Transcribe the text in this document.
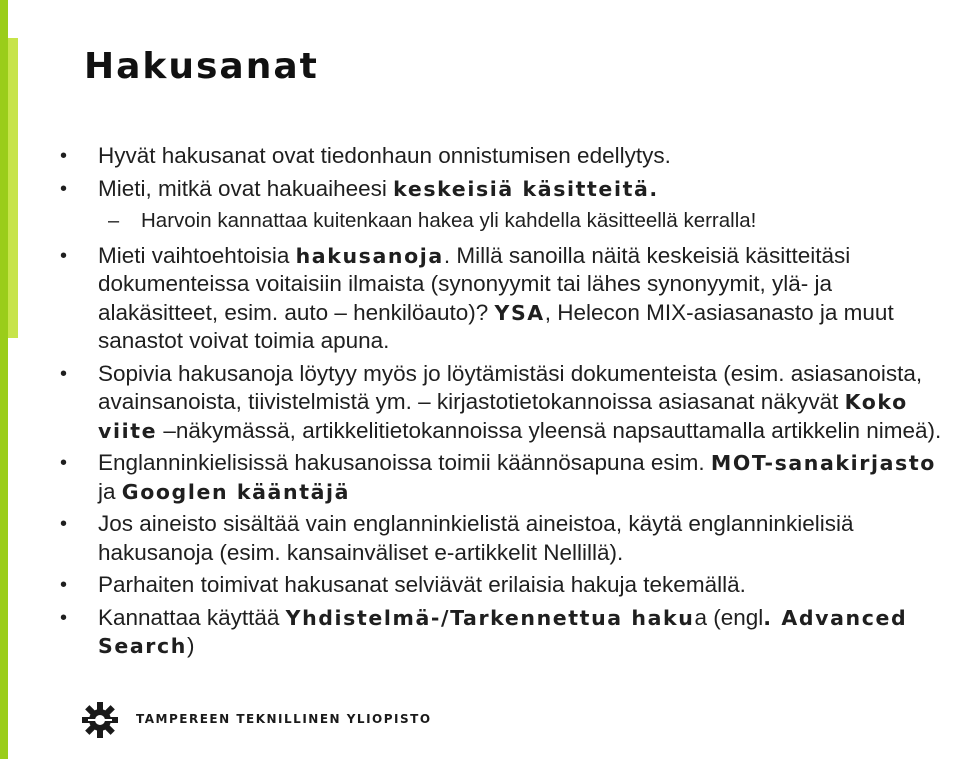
Hakusanat
• Hyvät hakusanat ovat tiedonhaun onnistumisen edellytys.
• Mieti, mitkä ovat hakuaiheesi keskeisiä käsitteitä.
– Harvoin kannattaa kuitenkaan hakea yli kahdella käsitteellä kerralla!
• Mieti vaihtoehtoisia hakusanoja. Millä sanoilla näitä keskeisiä käsitteitäsi dokumenteissa voitaisiin ilmaista (synonyymit tai lähes synonyymit, ylä- ja alakäsitteet, esim. auto – henkilöauto)? YSA, Helecon MIX-asiasanasto ja muut sanastot voivat toimia apuna.
• Sopivia hakusanoja löytyy myös jo löytämistäsi dokumenteista (esim. asiasanoista, avainsanoista, tiivistelmistä ym. – kirjastotietokannoissa asiasanat näkyvät Koko viite –näkymässä, artikkelitietokannoissa yleensä napsauttamalla artikkelin nimeä).
• Englanninkielisissä hakusanoissa toimii käännösapuna esim. MOT-sanakirjasto ja Googlen kääntäjä
• Jos aineisto sisältää vain englanninkielistä aineistoa, käytä englanninkielisiä hakusanoja (esim. kansainväliset e-artikkelit Nellillä).
• Parhaiten toimivat hakusanat selviävät erilaisia hakuja tekemällä.
• Kannattaa käyttää Yhdistelmä-/Tarkennettua hakua (engl. Advanced Search)
TAMPEREEN TEKNILLINEN YLIOPISTO
